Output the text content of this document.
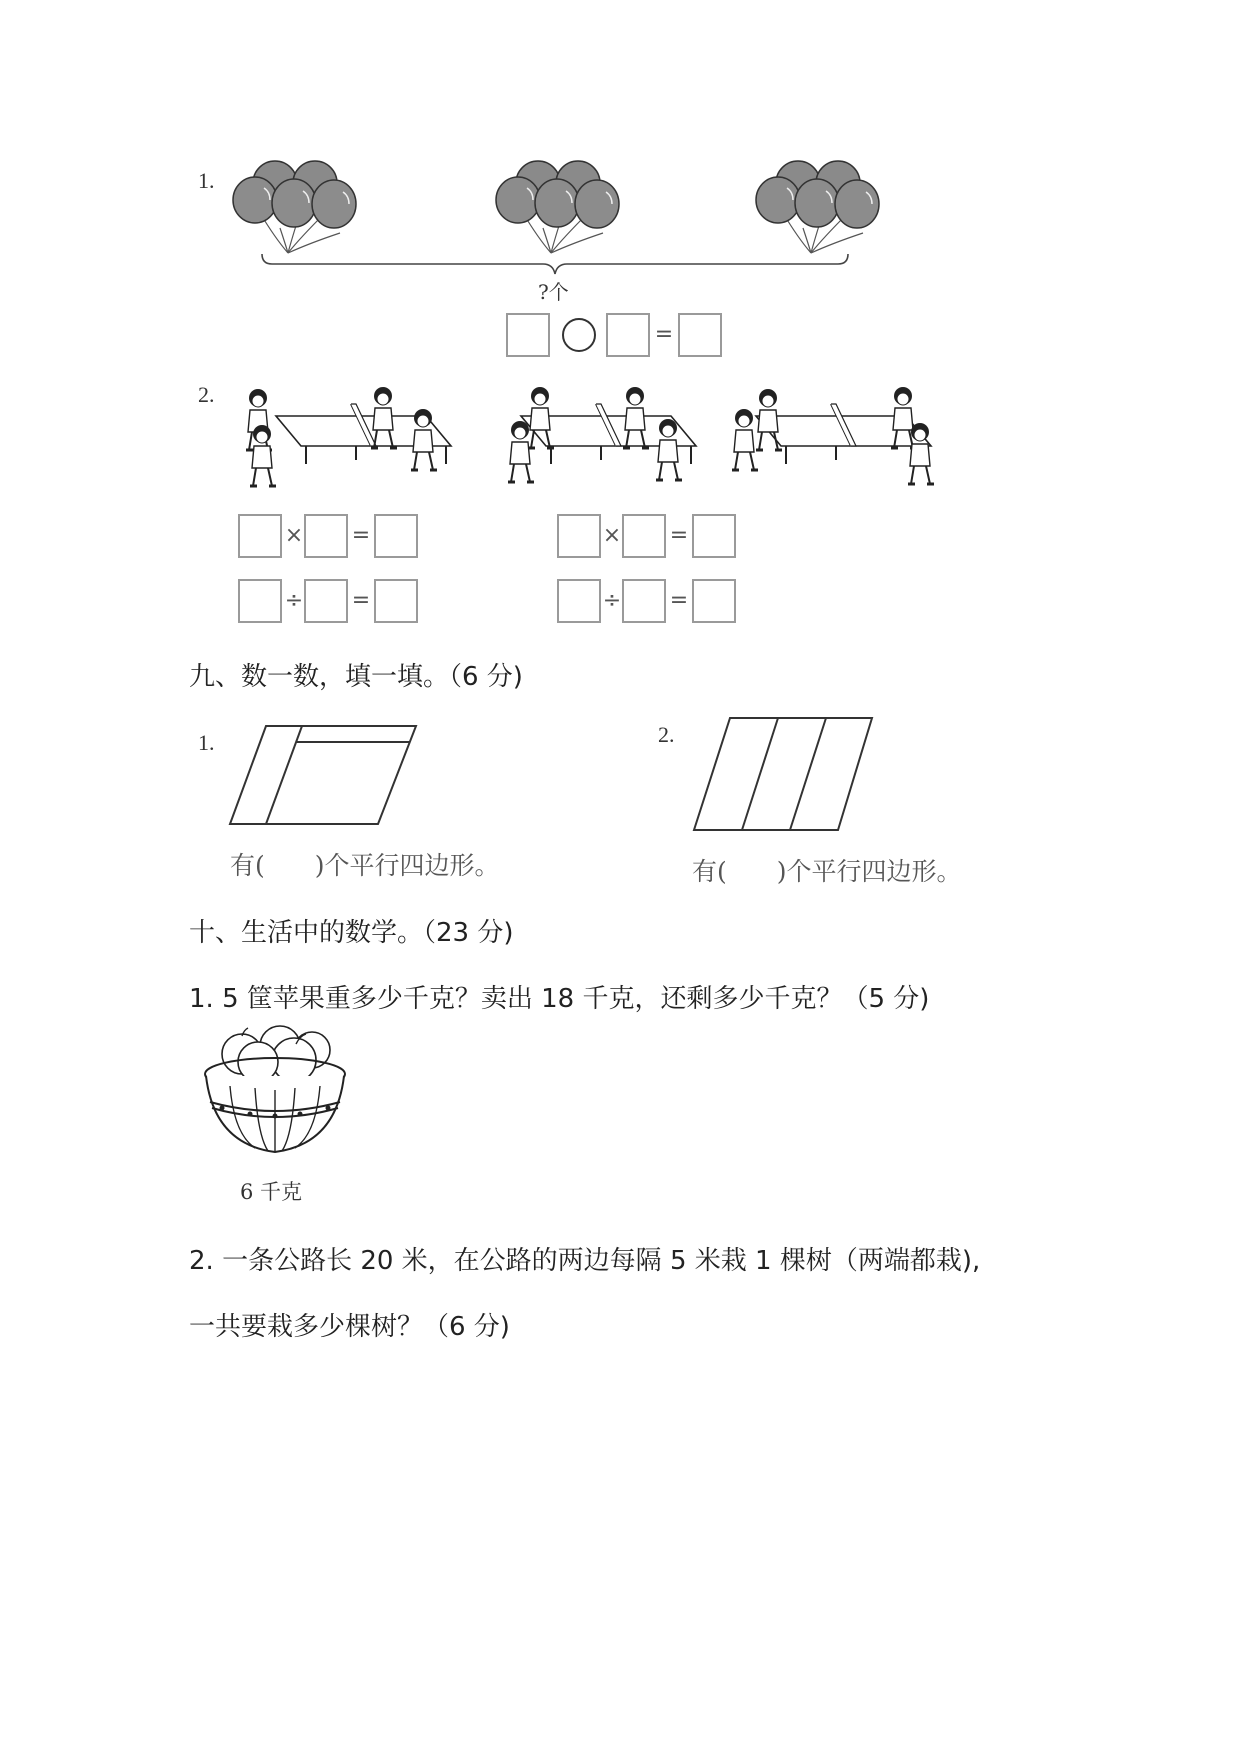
1.
?个
=
2.
× =
÷ =
× =
÷ =
九、数一数，填一填。（6 分)
1.
有(　　)个平行四边形。
2.
有(　　)个平行四边形。
十、生活中的数学。（23 分)
1. 5 筐苹果重多少千克？卖出 18 千克，还剩多少千克？（5 分)
6 千克
2. 一条公路长 20 米，在公路的两边每隔 5 米栽 1 棵树（两端都栽),
一共要栽多少棵树？（6 分)
